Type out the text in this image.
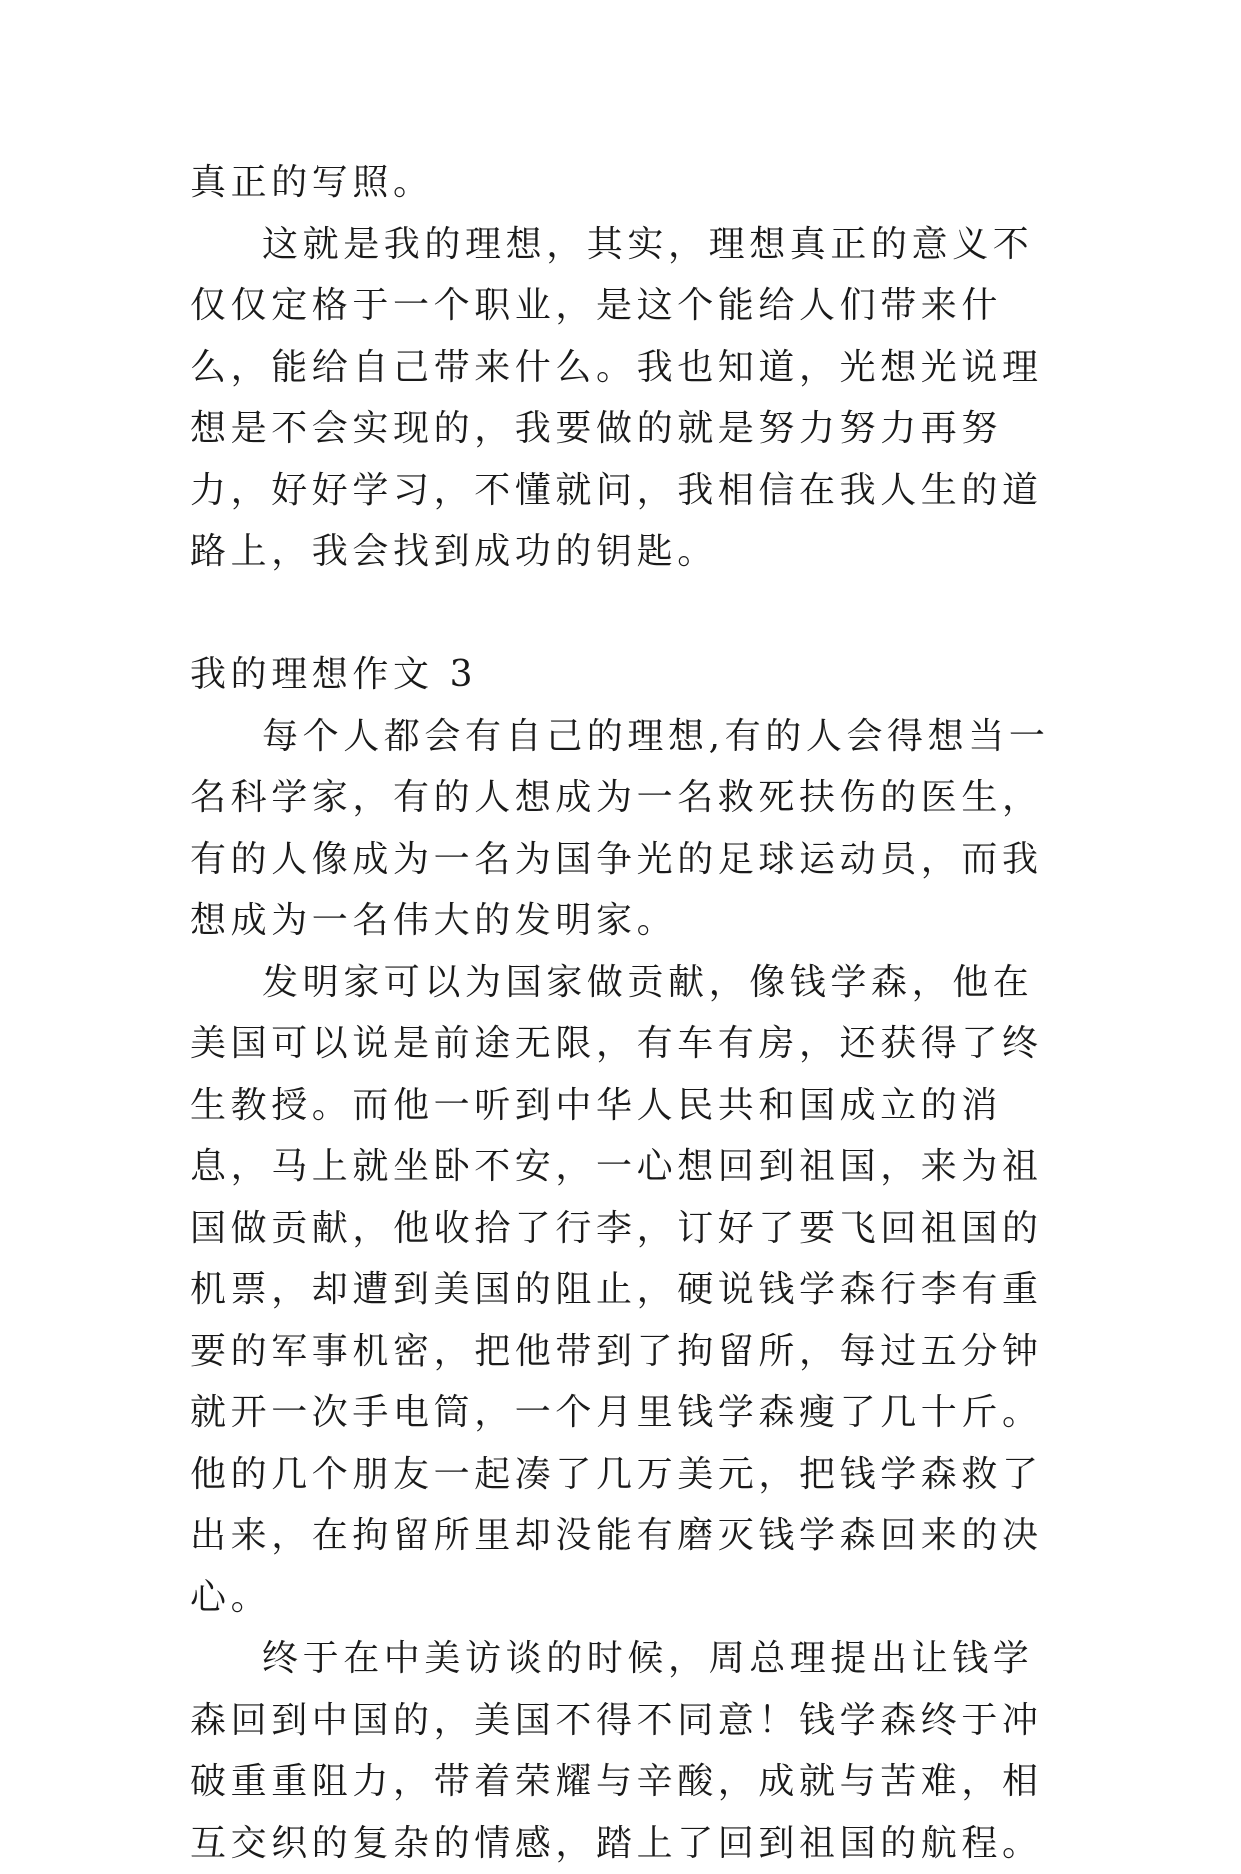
真正的写照。

这就是我的理想，其实，理想真正的意义不仅仅定格于一个职业，是这个能给人们带来什么，能给自己带来什么。我也知道，光想光说理想是不会实现的，我要做的就是努力努力再努力，好好学习，不懂就问，我相信在我人生的道路上，我会找到成功的钥匙。

我的理想作文 3

每个人都会有自己的理想,有的人会得想当一名科学家，有的人想成为一名救死扶伤的医生，有的人像成为一名为国争光的足球运动员，而我想成为一名伟大的发明家。

发明家可以为国家做贡献，像钱学森，他在美国可以说是前途无限，有车有房，还获得了终生教授。而他一听到中华人民共和国成立的消息，马上就坐卧不安，一心想回到祖国，来为祖国做贡献，他收拾了行李，订好了要飞回祖国的机票，却遭到美国的阻止，硬说钱学森行李有重要的军事机密，把他带到了拘留所，每过五分钟就开一次手电筒，一个月里钱学森瘦了几十斤。他的几个朋友一起凑了几万美元，把钱学森救了出来，在拘留所里却没能有磨灭钱学森回来的决心。

终于在中美访谈的时候，周总理提出让钱学森回到中国的，美国不得不同意！钱学森终于冲破重重阻力，带着荣耀与辛酸，成就与苦难，相互交织的复杂的情感，踏上了回到祖国的航程。
